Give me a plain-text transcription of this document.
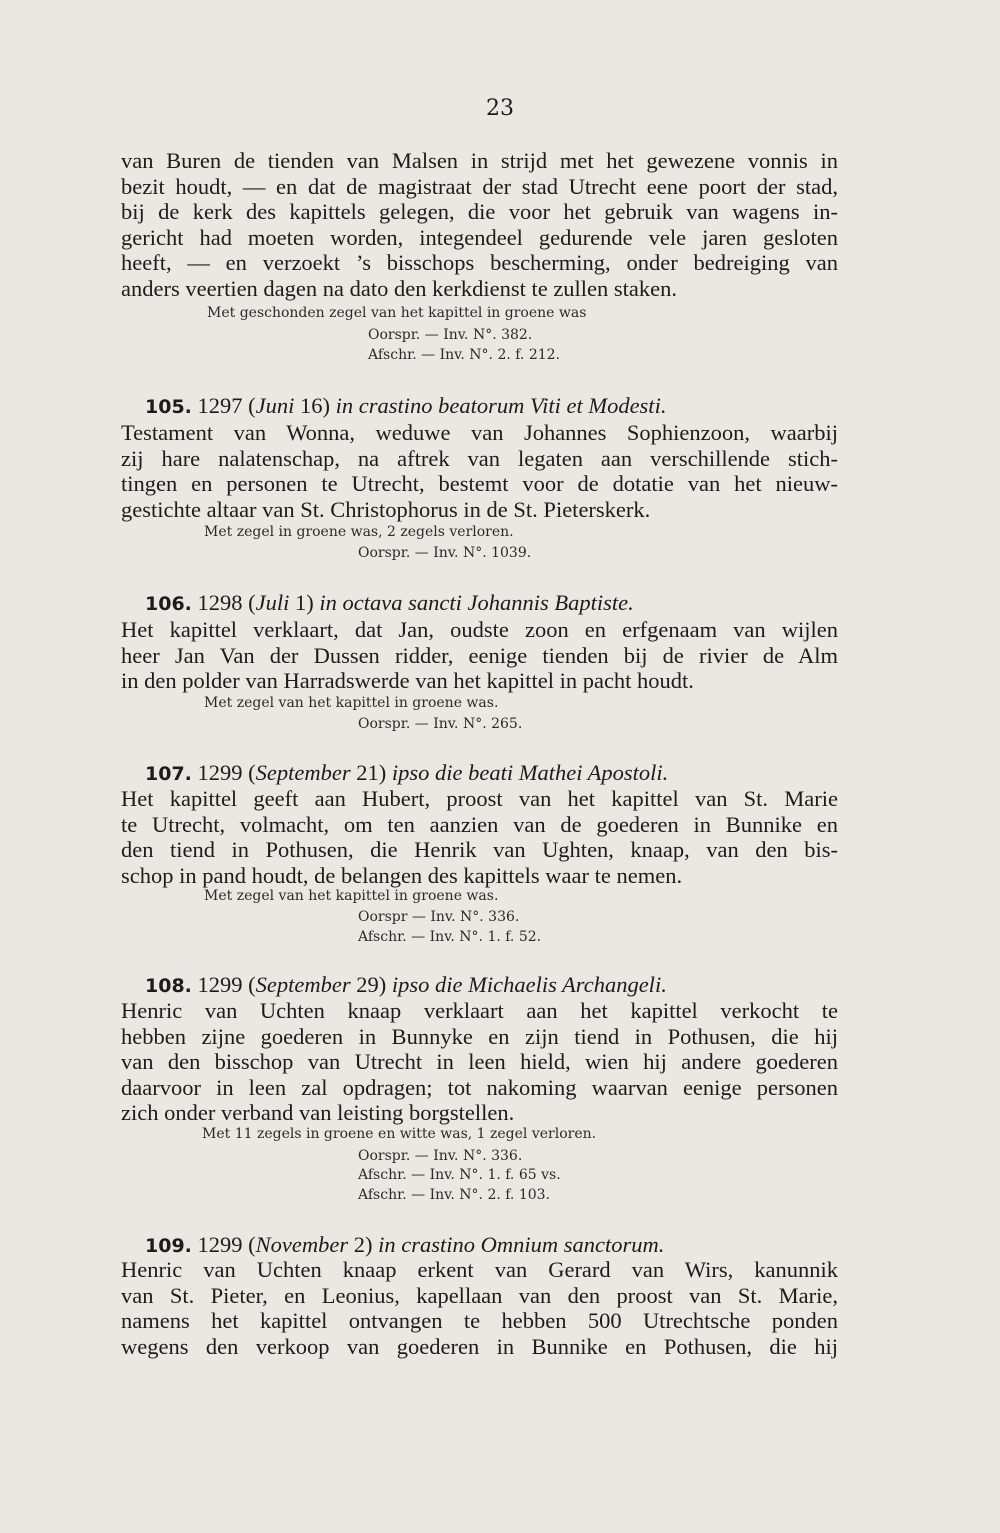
23
van Buren de tienden van Malsen in strijd met het gewezene vonnis in
bezit houdt, — en dat de magistraat der stad Utrecht eene poort der stad,
bij de kerk des kapittels gelegen, die voor het gebruik van wagens in-
gericht had moeten worden, integendeel gedurende vele jaren gesloten
heeft, — en verzoekt ’s bisschops bescherming, onder bedreiging van
anders veertien dagen na dato den kerkdienst te zullen staken.
Met geschonden zegel van het kapittel in groene was
Oorspr. — Inv. N°. 382.
Afschr. — Inv. N°. 2. f. 212.
105. 1297 (Juni 16) in crastino beatorum Viti et Modesti.
Testament van Wonna, weduwe van Johannes Sophienzoon, waarbij
zij hare nalatenschap, na aftrek van legaten aan verschillende stich-
tingen en personen te Utrecht, bestemt voor de dotatie van het nieuw-
gestichte altaar van St. Christophorus in de St. Pieterskerk.
Met zegel in groene was, 2 zegels verloren.
Oorspr. — Inv. N°. 1039.
106. 1298 (Juli 1) in octava sancti Johannis Baptiste.
Het kapittel verklaart, dat Jan, oudste zoon en erfgenaam van wijlen
heer Jan Van der Dussen ridder, eenige tienden bij de rivier de Alm
in den polder van Harradswerde van het kapittel in pacht houdt.
Met zegel van het kapittel in groene was.
Oorspr. — Inv. N°. 265.
107. 1299 (September 21) ipso die beati Mathei Apostoli.
Het kapittel geeft aan Hubert, proost van het kapittel van St. Marie
te Utrecht, volmacht, om ten aanzien van de goederen in Bunnike en
den tiend in Pothusen, die Henrik van Ughten, knaap, van den bis-
schop in pand houdt, de belangen des kapittels waar te nemen.
Met zegel van het kapittel in groene was.
Oorspr — Inv. N°. 336.
Afschr. — Inv. N°. 1. f. 52.
108. 1299 (September 29) ipso die Michaelis Archangeli.
Henric van Uchten knaap verklaart aan het kapittel verkocht te
hebben zijne goederen in Bunnyke en zijn tiend in Pothusen, die hij
van den bisschop van Utrecht in leen hield, wien hij andere goederen
daarvoor in leen zal opdragen; tot nakoming waarvan eenige personen
zich onder verband van leisting borgstellen.
Met 11 zegels in groene en witte was, 1 zegel verloren.
Oorspr. — Inv. N°. 336.
Afschr. — Inv. N°. 1. f. 65 vs.
Afschr. — Inv. N°. 2. f. 103.
109. 1299 (November 2) in crastino Omnium sanctorum.
Henric van Uchten knaap erkent van Gerard van Wirs, kanunnik
van St. Pieter, en Leonius, kapellaan van den proost van St. Marie,
namens het kapittel ontvangen te hebben 500 Utrechtsche ponden
wegens den verkoop van goederen in Bunnike en Pothusen, die hij
